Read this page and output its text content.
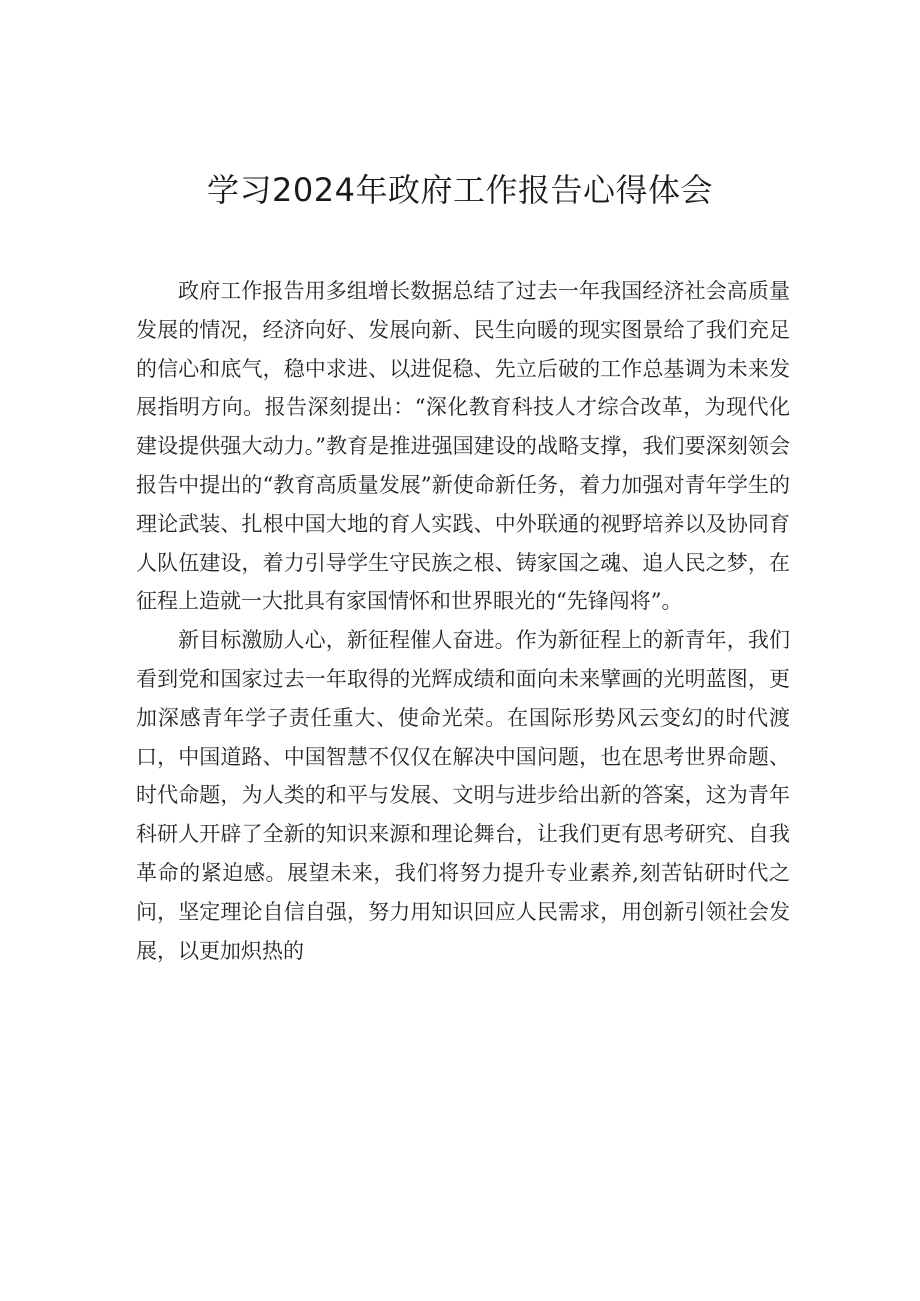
学习2024年政府工作报告心得体会

政府工作报告用多组增长数据总结了过去一年我国经济社会高质量发展的情况，经济向好、发展向新、民生向暖的现实图景给了我们充足的信心和底气，稳中求进、以进促稳、先立后破的工作总基调为未来发展指明方向。报告深刻提出：“深化教育科技人才综合改革，为现代化建设提供强大动力。”教育是推进强国建设的战略支撑，我们要深刻领会报告中提出的“教育高质量发展”新使命新任务，着力加强对青年学生的理论武装、扎根中国大地的育人实践、中外联通的视野培养以及协同育人队伍建设，着力引导学生守民族之根、铸家国之魂、追人民之梦，在征程上造就一大批具有家国情怀和世界眼光的“先锋闯将”。

新目标激励人心，新征程催人奋进。作为新征程上的新青年，我们看到党和国家过去一年取得的光辉成绩和面向未来擘画的光明蓝图，更加深感青年学子责任重大、使命光荣。在国际形势风云变幻的时代渡口，中国道路、中国智慧不仅仅在解决中国问题，也在思考世界命题、时代命题，为人类的和平与发展、文明与进步给出新的答案，这为青年科研人开辟了全新的知识来源和理论舞台，让我们更有思考研究、自我革命的紧迫感。展望未来，我们将努力提升专业素养,刻苦钻研时代之问，坚定理论自信自强，努力用知识回应人民需求，用创新引领社会发展，以更加炽热的
